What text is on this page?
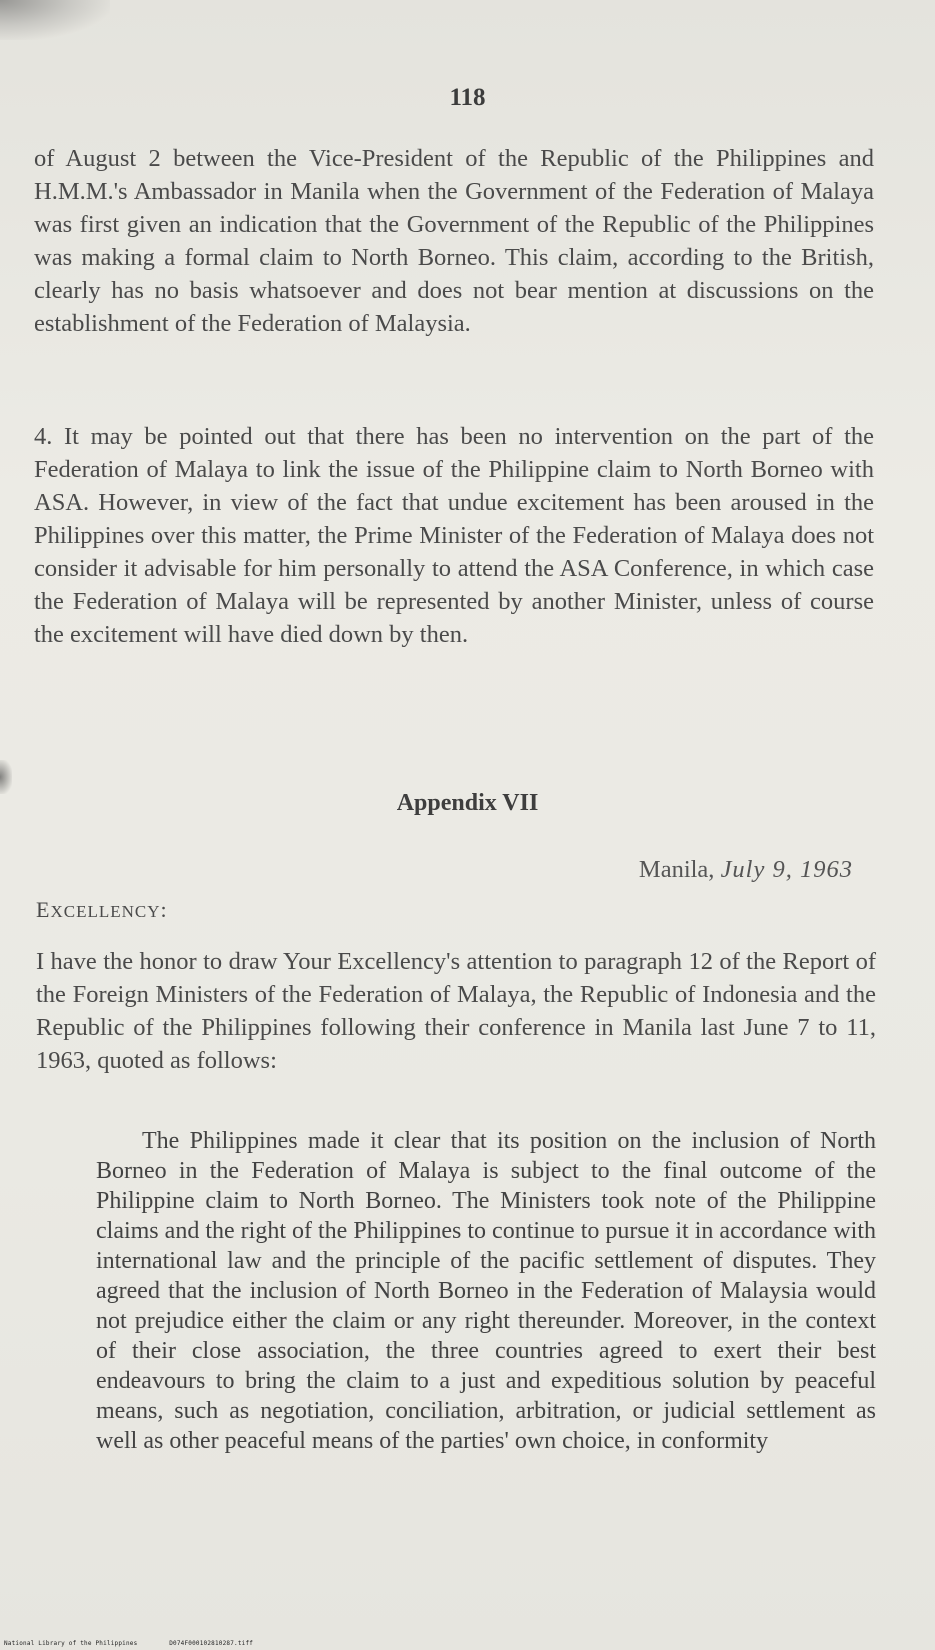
118
of August 2 between the Vice-President of the Republic of the Philippines and H.M.M.'s Ambassador in Manila when the Government of the Federation of Malaya was first given an indication that the Government of the Republic of the Philippines was making a formal claim to North Borneo. This claim, according to the British, clearly has no basis whatsoever and does not bear mention at discussions on the establishment of the Federation of Malaysia.
4. It may be pointed out that there has been no intervention on the part of the Federation of Malaya to link the issue of the Philippine claim to North Borneo with ASA. However, in view of the fact that undue excitement has been aroused in the Philippines over this matter, the Prime Minister of the Federation of Malaya does not consider it advisable for him personally to attend the ASA Conference, in which case the Federation of Malaya will be represented by another Minister, unless of course the excitement will have died down by then.
Appendix VII
Manila, July 9, 1963
EXCELLENCY:
I have the honor to draw Your Excellency's attention to paragraph 12 of the Report of the Foreign Ministers of the Federation of Malaya, the Republic of Indonesia and the Republic of the Philippines following their conference in Manila last June 7 to 11, 1963, quoted as follows:
The Philippines made it clear that its position on the inclusion of North Borneo in the Federation of Malaya is subject to the final outcome of the Philippine claim to North Borneo. The Ministers took note of the Philippine claims and the right of the Philippines to continue to pursue it in accordance with international law and the principle of the pacific settlement of disputes. They agreed that the inclusion of North Borneo in the Federation of Malaysia would not prejudice either the claim or any right thereunder. Moreover, in the context of their close association, the three countries agreed to exert their best endeavours to bring the claim to a just and expeditious solution by peaceful means, such as negotiation, conciliation, arbitration, or judicial settlement as well as other peaceful means of the parties' own choice, in conformity
National Library of the Philippines	D074F000102810287.tiff
